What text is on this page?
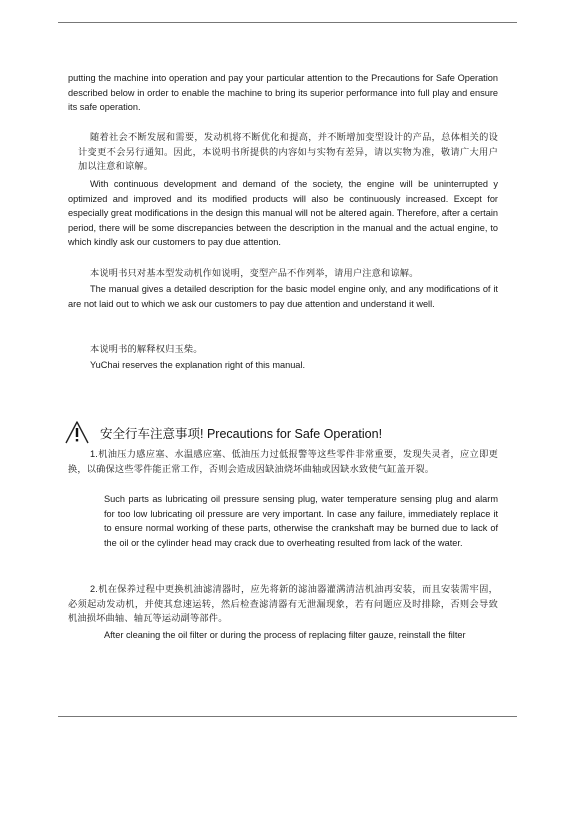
putting the machine into operation and pay your particular attention to the Precautions for Safe Operation described below in order to enable the machine to bring its superior performance into full play and ensure its safe operation.

随着社会不断发展和需要，发动机将不断优化和提高，并不断增加变型设计的产品，总体相关的设计变更不会另行通知。因此，本说明书所提供的内容如与实物有差异，请以实物为准，敬请广大用户加以注意和谅解。

With continuous development and demand of the society, the engine will be uninterrupted y optimized and improved and its modified products will also be continuously increased. Except for especially great modifications in the design this manual will not be altered again. Therefore, after a certain period, there will be some discrepancies between the description in the manual and the actual engine, to which kindly ask our customers to pay due attention.

本说明书只对基本型发动机作如说明，变型产品不作列举，请用户注意和谅解。

The manual gives a detailed description for the basic model engine only, and any modifications of it are not laid out to which we ask our customers to pay due attention and understand it well.

本说明书的解释权归玉柴。

YuChai reserves the explanation right of this manual.

安全行车注意事项! Precautions for Safe Operation!

1.机油压力感应塞、水温感应塞、低油压力过低报警等这些零件非常重要，发现失灵者，应立即更换，以确保这些零件能正常工作，否则会造成因缺油烧坏曲轴或因缺水致使气缸盖开裂。

Such parts as lubricating oil pressure sensing plug, water temperature sensing plug and alarm for too low lubricating oil pressure are very important. In case any failure, immediately replace it to ensure normal working of these parts, otherwise the crankshaft may be burned due to lack of the oil or the cylinder head may crack due to overheating resulted from lack of the water.

2.机在保养过程中更换机油滤清器时，应先将新的滤油器灌满清洁机油再安装，而且安装需牢固，必须起动发动机，并使其怠速运转，然后检查滤清器有无泄漏现象，若有问题应及时排除，否则会导致机油损坏曲轴、轴瓦等运动副等部件。

After cleaning the oil filter or during the process of replacing filter gauze, reinstall the filter
